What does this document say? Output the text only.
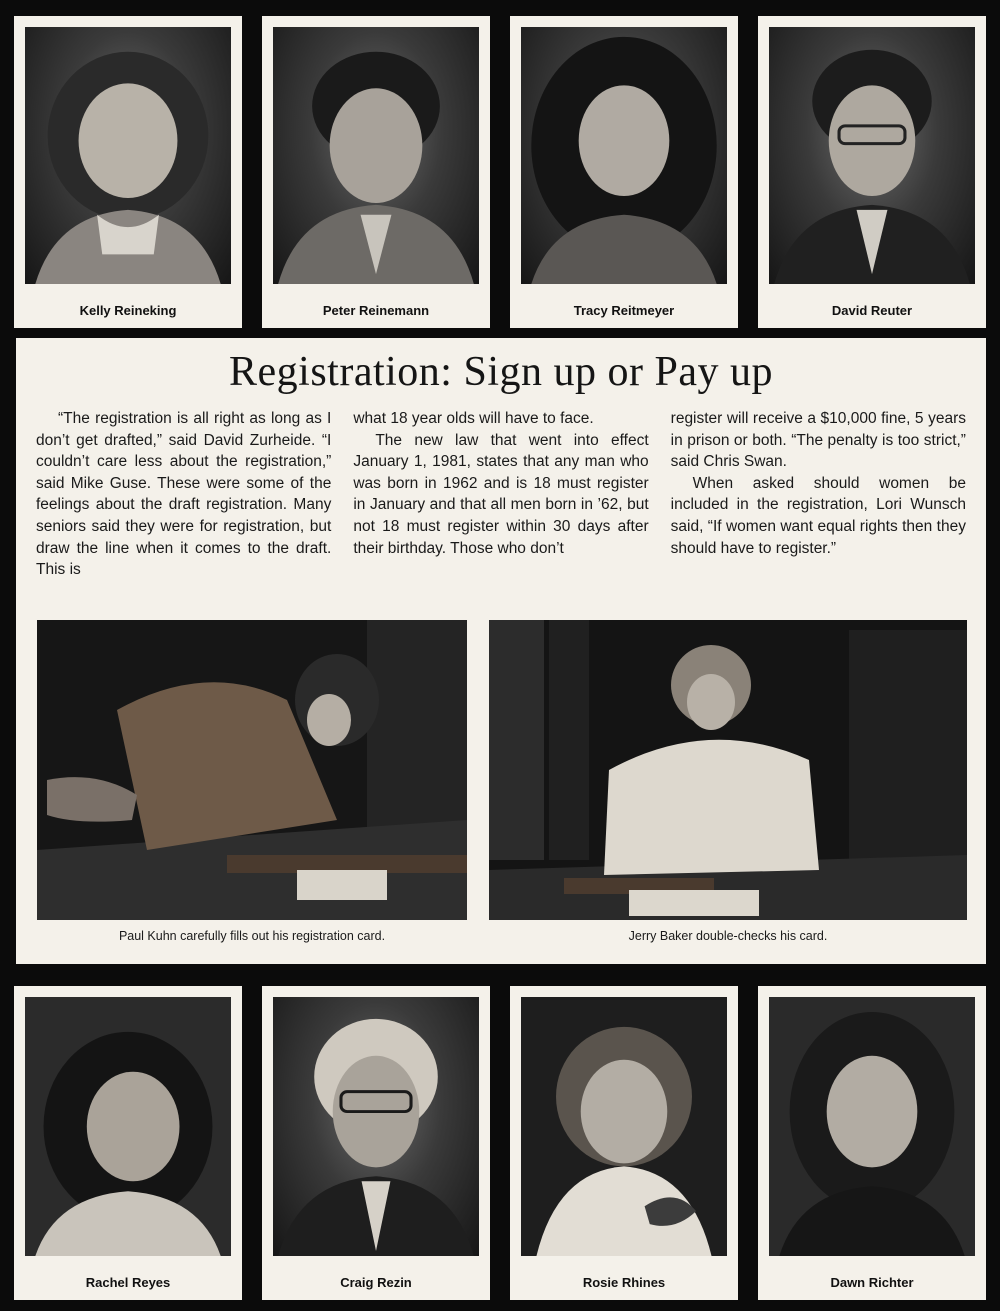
Kelly Reineking	Peter Reinemann	Tracy Reitmeyer	David Reuter
Registration: Sign up or Pay up

“The registration is all right as long as I don’t get drafted,” said David Zurheide. “I couldn’t care less about the registration,” said Mike Guse. These were some of the feelings about the draft registration. Many seniors said they were for registration, but draw the line when it comes to the draft. This is

what 18 year olds will have to face.

The new law that went into effect January 1, 1981, states that any man who was born in 1962 and is 18 must register in January and that all men born in ’62, but not 18 must register within 30 days after their birthday. Those who don’t

register will receive a $10,000 fine, 5 years in prison or both. “The penalty is too strict,” said Chris Swan.

When asked should women be included in the registration, Lori Wunsch said, “If women want equal rights then they should have to register.”

Paul Kuhn carefully fills out his registration card.	Jerry Baker double-checks his card.
Rachel Reyes	Craig Rezin	Rosie Rhines	Dawn Richter
